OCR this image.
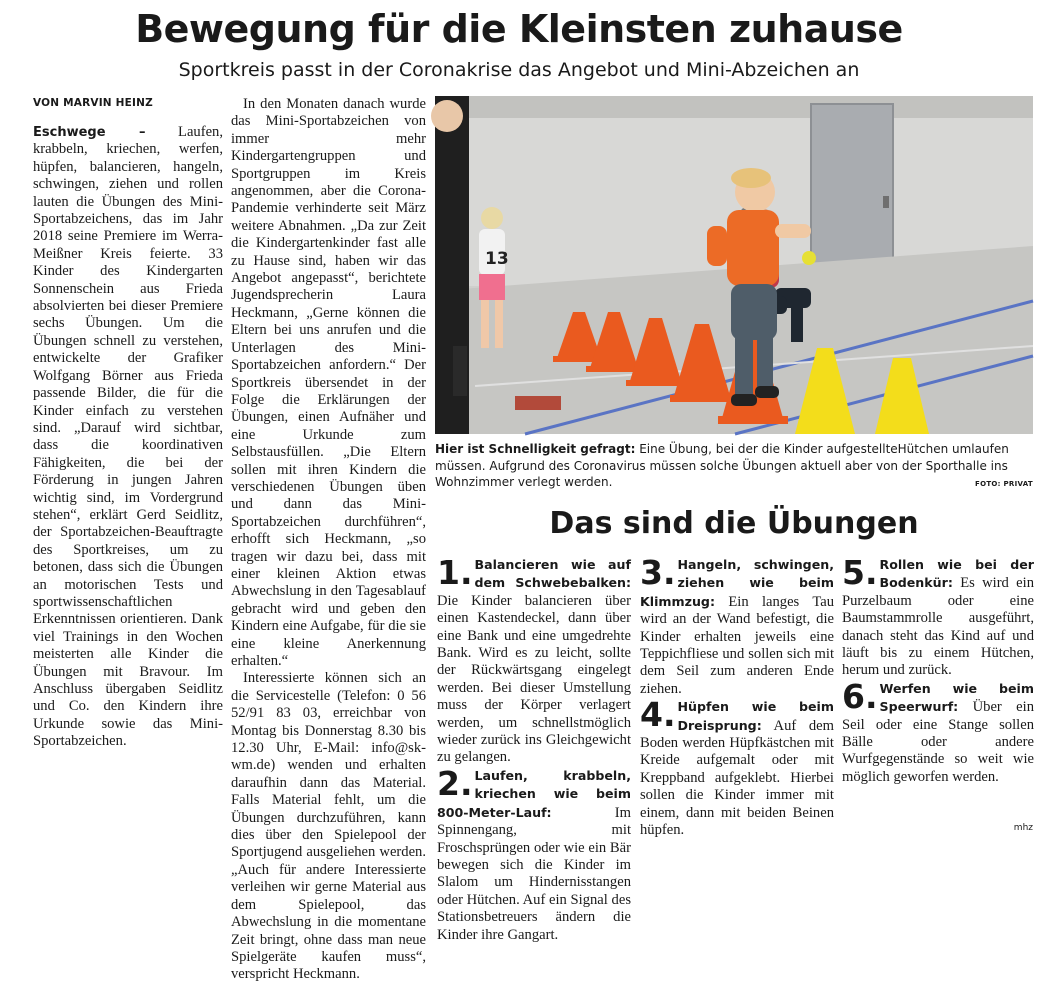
Bewegung für die Kleinsten zuhause
Sportkreis passt in der Coronakrise das Angebot und Mini-Abzeichen an
VON MARVIN HEINZ

Eschwege – Laufen, krabbeln, kriechen, werfen, hüpfen, balancieren, hangeln, schwingen, ziehen und rollen lauten die Übungen des Mini-Sportabzeichens, das im Jahr 2018 seine Premiere im Werra-Meißner Kreis feierte. 33 Kinder des Kindergarten Sonnenschein aus Frieda absolvierten bei dieser Premiere sechs Übungen. Um die Übungen schnell zu verstehen, entwickelte der Grafiker Wolfgang Börner aus Frieda passende Bilder, die für die Kinder einfach zu verstehen sind. „Darauf wird sichtbar, dass die koordinativen Fähigkeiten, die bei der Förderung in jungen Jahren wichtig sind, im Vordergrund stehen“, erklärt Gerd Seidlitz, der Sportabzeichen-Beauftragte des Sportkreises, um zu betonen, dass sich die Übungen an motorischen Tests und sportwissenschaftlichen Erkenntnissen orientieren. Dank viel Trainings in den Wochen meisterten alle Kinder die Übungen mit Bravour. Im Anschluss übergaben Seidlitz und Co. den Kindern ihre Urkunde sowie das Mini-Sportabzeichen.

In den Monaten danach wurde das Mini-Sportabzeichen von immer mehr Kindergartengruppen und Sportgruppen im Kreis angenommen, aber die Corona-Pandemie verhinderte seit März weitere Abnahmen. „Da zur Zeit die Kindergartenkinder fast alle zu Hause sind, haben wir das Angebot angepasst“, berichtete Jugendsprecherin Laura Heckmann, „Gerne können die Eltern bei uns anrufen und die Unterlagen des Mini-Sportabzeichen anfordern.“ Der Sportkreis übersendet in der Folge die Erklärungen der Übungen, einen Aufnäher und eine Urkunde zum Selbstausfüllen. „Die Eltern sollen mit ihren Kindern die verschiedenen Übungen üben und dann das Mini-Sportabzeichen durchführen“, erhofft sich Heckmann, „so tragen wir dazu bei, dass mit einer kleinen Aktion etwas Abwechslung in den Tagesablauf gebracht wird und geben den Kindern eine Aufgabe, für die sie eine kleine Anerkennung erhalten.“

Interessierte können sich an die Servicestelle (Telefon: 0 56 52/91 83 03, erreichbar von Montag bis Donnerstag 8.30 bis 12.30 Uhr, E-Mail: info@sk-wm.de) wenden und erhalten daraufhin dann das Material. Falls Material fehlt, um die Übungen durchzuführen, kann dies über den Spielepool der Sportjugend ausgeliehen werden. „Auch für andere Interessierte verleihen wir gerne Material aus dem Spielepool, das Abwechslung in die momentane Zeit bringt, ohne dass man neue Spielgeräte kaufen muss“, verspricht Heckmann.

13
Hier ist Schnelligkeit gefragt: Eine Übung, bei der die Kinder aufgestelltеHütchen umlaufen müssen. Aufgrund des Coronavirus müssen solche Übungen aktuell aber von der Sporthalle ins Wohnzimmer verlegt werden.	FOTO: PRIVAT
Das sind die Übungen

1. Balancieren wie auf dem Schwebebalken: Die Kinder balancieren über einen Kastendeckel, dann über eine Bank und eine umgedrehte Bank. Wird es zu leicht, sollte der Rückwärtsgang eingelegt werden. Bei dieser Umstellung muss der Körper verlagert werden, um schnellstmöglich wieder zurück ins Gleichgewicht zu gelangen.

2. Laufen, krabbeln, kriechen wie beim 800-Meter-Lauf: Im Spinnengang, mit Froschsprüngen oder wie ein Bär bewegen sich die Kinder im Slalom um Hindernisstangen oder Hütchen. Auf ein Signal des Stationsbetreuers ändern die Kinder ihre Gangart.

3. Hangeln, schwingen, ziehen wie beim Klimmzug: Ein langes Tau wird an der Wand befestigt, die Kinder erhalten jeweils eine Teppichfliese und sollen sich mit dem Seil zum anderen Ende ziehen.

4. Hüpfen wie beim Dreisprung: Auf dem Boden werden Hüpfkästchen mit Kreide aufgemalt oder mit Kreppband aufgeklebt. Hierbei sollen die Kinder immer mit einem, dann mit beiden Beinen hüpfen.

5. Rollen wie bei der Bodenkür: Es wird ein Purzelbaum oder eine Baumstammrolle ausgeführt, danach steht das Kind auf und läuft bis zu einem Hütchen, herum und zurück.

6. Werfen wie beim Speerwurf: Über ein Seil oder eine Stange sollen Bälle oder andere Wurfgegenstände so weit wie möglich geworfen werden.

mhz
